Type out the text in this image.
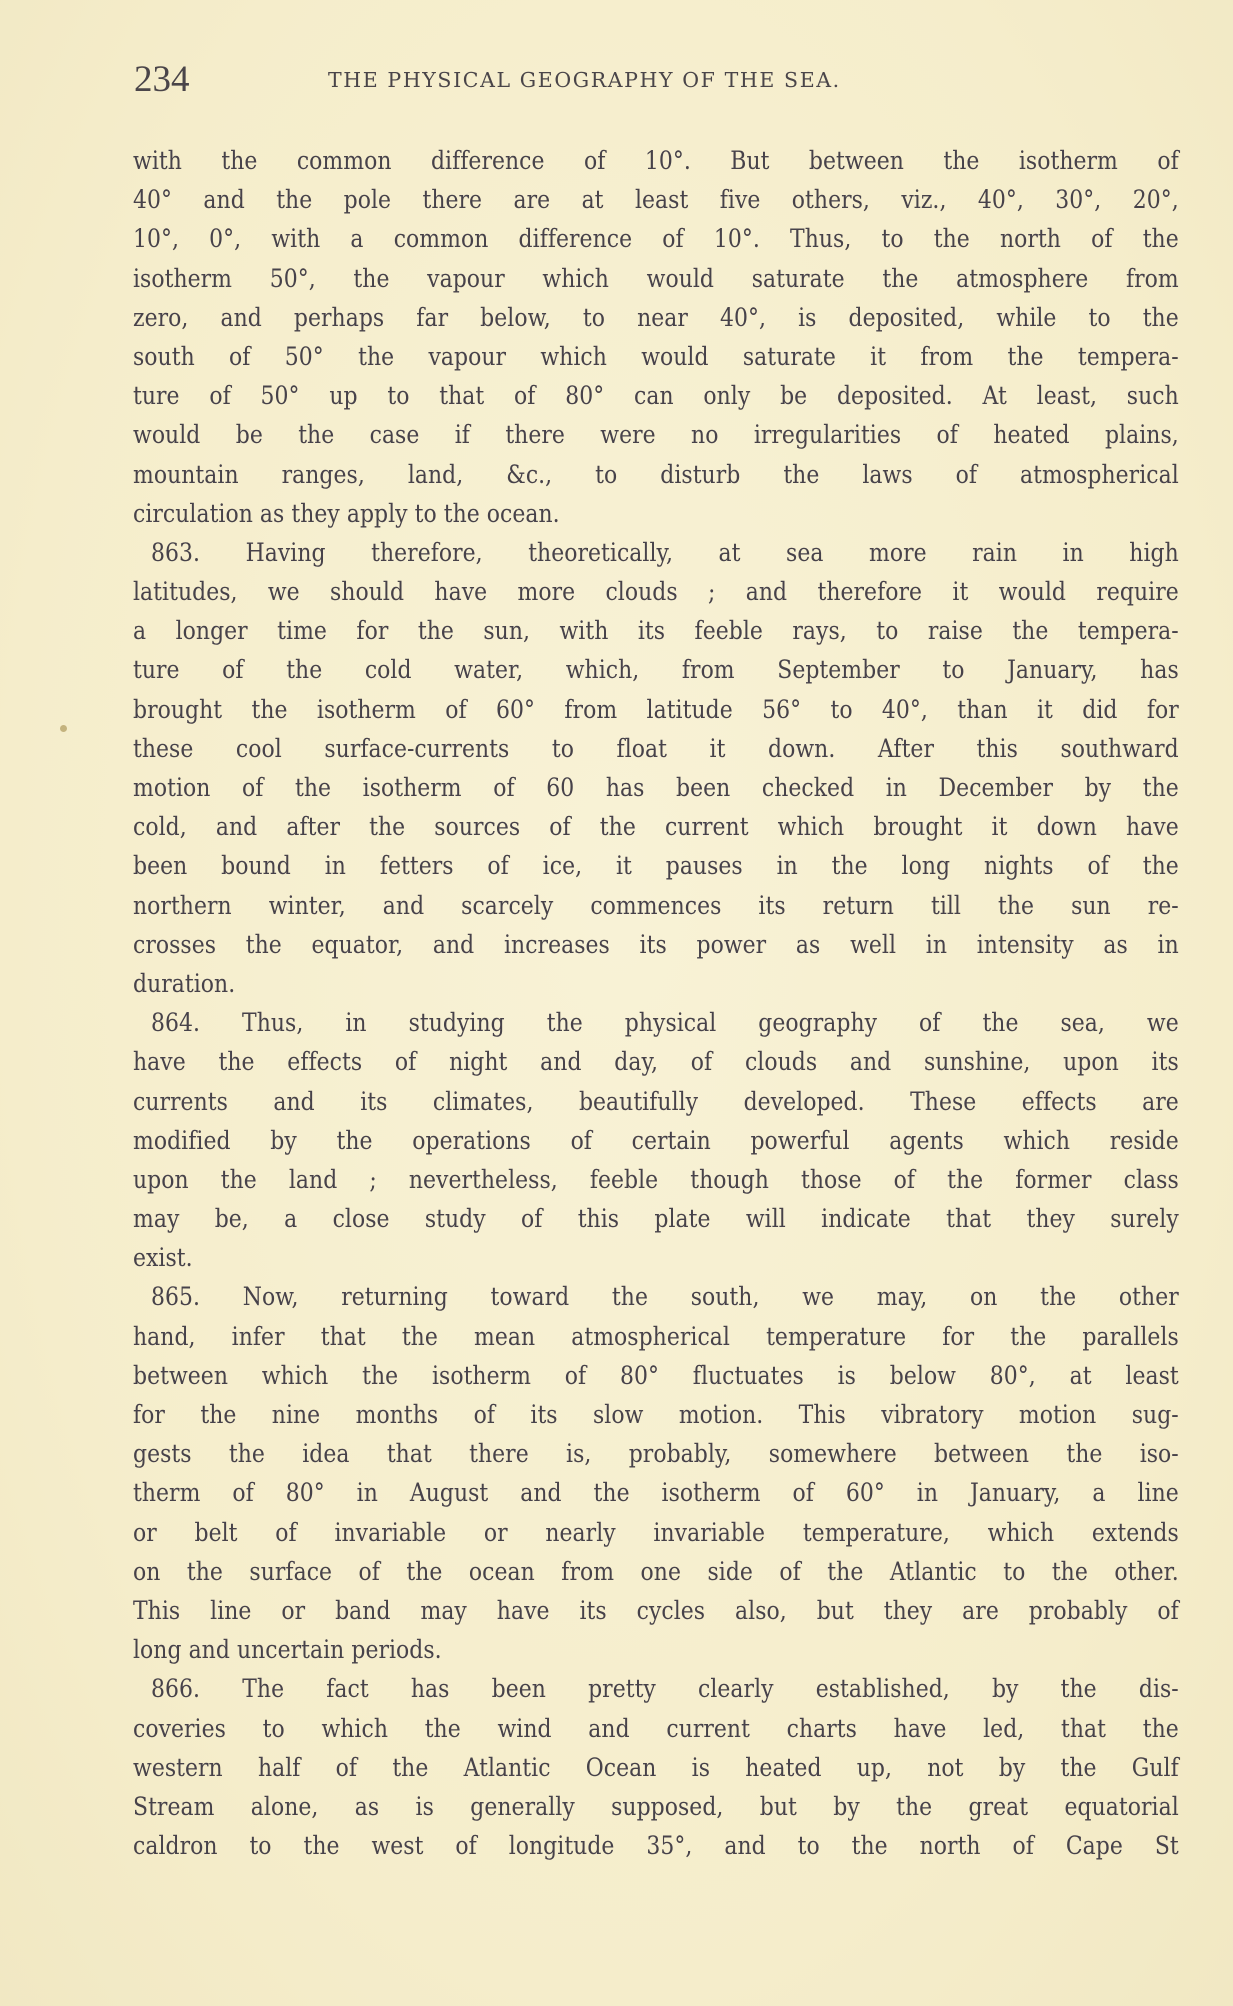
234	THE PHYSICAL GEOGRAPHY OF THE SEA.
with the common difference of 10°. But between the isotherm of
40° and the pole there are at least five others, viz., 40°, 30°, 20°,
10°, 0°, with a common difference of 10°. Thus, to the north of the
isotherm 50°, the vapour which would saturate the atmosphere from
zero, and perhaps far below, to near 40°, is deposited, while to the
south of 50° the vapour which would saturate it from the tempera-
ture of 50° up to that of 80° can only be deposited. At least, such
would be the case if there were no irregularities of heated plains,
mountain ranges, land, &c., to disturb the laws of atmospherical
circulation as they apply to the ocean.
863. Having therefore, theoretically, at sea more rain in high
latitudes, we should have more clouds ; and therefore it would require
a longer time for the sun, with its feeble rays, to raise the tempera-
ture of the cold water, which, from September to January, has
brought the isotherm of 60° from latitude 56° to 40°, than it did for
these cool surface-currents to float it down. After this southward
motion of the isotherm of 60 has been checked in December by the
cold, and after the sources of the current which brought it down have
been bound in fetters of ice, it pauses in the long nights of the
northern winter, and scarcely commences its return till the sun re-
crosses the equator, and increases its power as well in intensity as in
duration.
864. Thus, in studying the physical geography of the sea, we
have the effects of night and day, of clouds and sunshine, upon its
currents and its climates, beautifully developed. These effects are
modified by the operations of certain powerful agents which reside
upon the land ; nevertheless, feeble though those of the former class
may be, a close study of this plate will indicate that they surely
exist.
865. Now, returning toward the south, we may, on the other
hand, infer that the mean atmospherical temperature for the parallels
between which the isotherm of 80° fluctuates is below 80°, at least
for the nine months of its slow motion. This vibratory motion sug-
gests the idea that there is, probably, somewhere between the iso-
therm of 80° in August and the isotherm of 60° in January, a line
or belt of invariable or nearly invariable temperature, which extends
on the surface of the ocean from one side of the Atlantic to the other.
This line or band may have its cycles also, but they are probably of
long and uncertain periods.
866. The fact has been pretty clearly established, by the dis-
coveries to which the wind and current charts have led, that the
western half of the Atlantic Ocean is heated up, not by the Gulf
Stream alone, as is generally supposed, but by the great equatorial
caldron to the west of longitude 35°, and to the north of Cape St
